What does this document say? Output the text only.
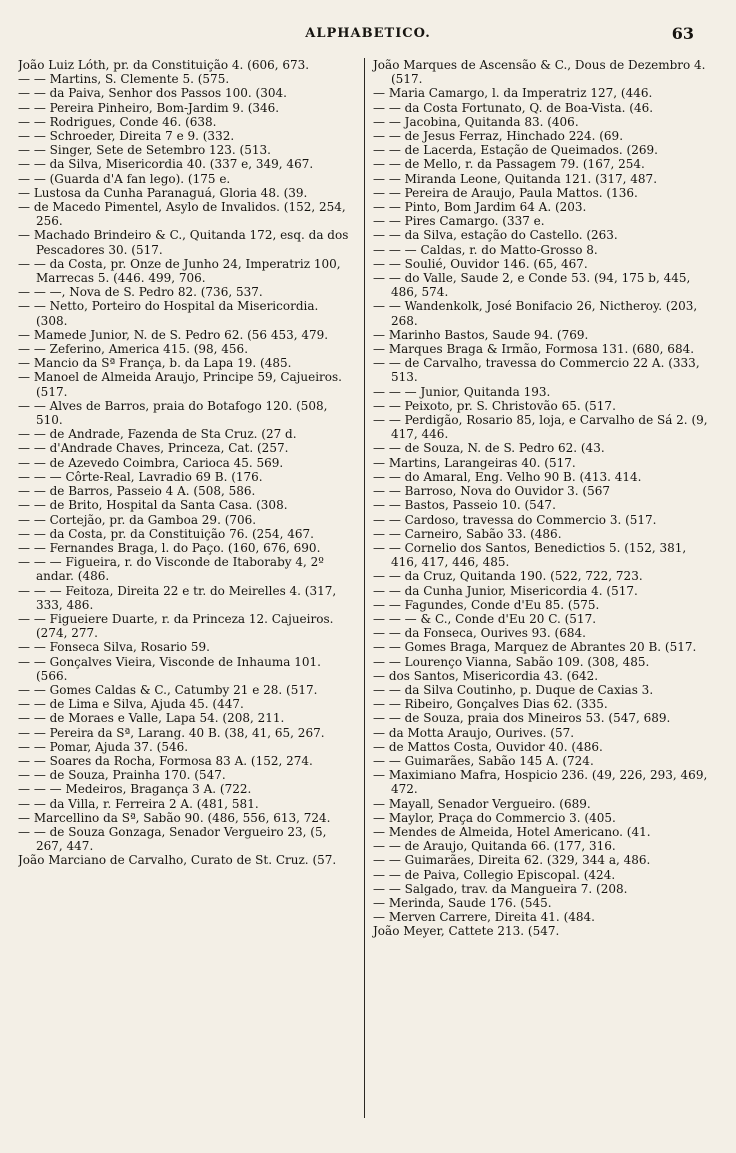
ALPHABETICO.	63

João Luiz Lóth, pr. da Constituição 4. (606, 673.

— — Martins, S. Clemente 5. (575.

— — da Paiva, Senhor dos Passos 100. (304.

— — Pereira Pinheiro, Bom-Jardim 9. (346.

— — Rodrigues, Conde 46. (638.

— — Schroeder, Direita 7 e 9. (332.

— — Singer, Sete de Setembro 123. (513.

— — da Silva, Misericordia 40. (337 e, 349, 467.

— — (Guarda d'A fan lego). (175 e.

— Lustosa da Cunha Paranaguá, Gloria 48. (39.

— de Macedo Pimentel, Asylo de Invalidos. (152, 254, 256.

— Machado Brindeiro & C., Quitanda 172, esq. da dos Pescadores 30. (517.

— — da Costa, pr. Onze de Junho 24, Imperatriz 100, Marrecas 5. (446. 499, 706.

— — —, Nova de S. Pedro 82. (736, 537.

— — Netto, Porteiro do Hospital da Misericordia. (308.

— Mamede Junior, N. de S. Pedro 62. (56 453, 479.

— — Zeferino, America 415. (98, 456.

— Mancio da Sª França, b. da Lapa 19. (485.

— Manoel de Almeida Araujo, Principe 59, Cajueiros. (517.

— — Alves de Barros, praia do Botafogo 120. (508, 510.

— — de Andrade, Fazenda de Sta Cruz. (27 d.

— — d'Andrade Chaves, Princeza, Cat. (257.

— — de Azevedo Coimbra, Carioca 45. 569.

— — — Côrte-Real, Lavradio 69 B. (176.

— — de Barros, Passeio 4 A. (508, 586.

— — de Brito, Hospital da Santa Casa. (308.

— — Cortejão, pr. da Gamboa 29. (706.

— — da Costa, pr. da Constituição 76. (254, 467.

— — Fernandes Braga, l. do Paço. (160, 676, 690.

— — — Figueira, r. do Visconde de Itaboraby 4, 2º andar. (486.

— — — Feitoza, Direita 22 e tr. do Meirelles 4. (317, 333, 486.

— — Figueiere Duarte, r. da Princeza 12. Cajueiros. (274, 277.

— — Fonseca Silva, Rosario 59.

— — Gonçalves Vieira, Visconde de Inhauma 101. (566.

— — Gomes Caldas & C., Catumby 21 e 28. (517.

— — de Lima e Silva, Ajuda 45. (447.

— — de Moraes e Valle, Lapa 54. (208, 211.

— — Pereira da Sª, Larang. 40 B. (38, 41, 65, 267.

— — Pomar, Ajuda 37. (546.

— — Soares da Rocha, Formosa 83 A. (152, 274.

— — de Souza, Prainha 170. (547.

— — — Medeiros, Bragança 3 A. (722.

— — da Villa, r. Ferreira 2 A. (481, 581.

— Marcellino da Sª, Sabão 90. (486, 556, 613, 724.

— — de Souza Gonzaga, Senador Vergueiro 23, (5, 267, 447.

João Marciano de Carvalho, Curato de St. Cruz. (57.

João Marques de Ascensão & C., Dous de Dezembro 4. (517.

— Maria Camargo, l. da Imperatriz 127, (446.

— — da Costa Fortunato, Q. de Boa-Vista. (46.

— — Jacobina, Quitanda 83. (406.

— — de Jesus Ferraz, Hinchado 224. (69.

— — de Lacerda, Estação de Queimados. (269.

— — de Mello, r. da Passagem 79. (167, 254.

— — Miranda Leone, Quitanda 121. (317, 487.

— — Pereira de Araujo, Paula Mattos. (136.

— — Pinto, Bom Jardim 64 A. (203.

— — Pires Camargo. (337 e.

— — da Silva, estação do Castello. (263.

— — — Caldas, r. do Matto-Grosso 8.

— — Soulié, Ouvidor 146. (65, 467.

— — do Valle, Saude 2, e Conde 53. (94, 175 b, 445, 486, 574.

— — Wandenkolk, José Bonifacio 26, Nictheroy. (203, 268.

— Marinho Bastos, Saude 94. (769.

— Marques Braga & Irmão, Formosa 131. (680, 684.

— — de Carvalho, travessa do Commercio 22 A. (333, 513.

— — — Junior, Quitanda 193.

— — Peixoto, pr. S. Christovão 65. (517.

— — Perdigão, Rosario 85, loja, e Carvalho de Sá 2. (9, 417, 446.

— — de Souza, N. de S. Pedro 62. (43.

— Martins, Larangeiras 40. (517.

— — do Amaral, Eng. Velho 90 B. (413. 414.

— — Barroso, Nova do Ouvidor 3. (567

— — Bastos, Passeio 10. (547.

— — Cardoso, travessa do Commercio 3. (517.

— — Carneiro, Sabão 33. (486.

— — Cornelio dos Santos, Benedictios 5. (152, 381, 416, 417, 446, 485.

— — da Cruz, Quitanda 190. (522, 722, 723.

— — da Cunha Junior, Misericordia 4. (517.

— — Fagundes, Conde d'Eu 85. (575.

— — — & C., Conde d'Eu 20 C. (517.

— — da Fonseca, Ourives 93. (684.

— — Gomes Braga, Marquez de Abrantes 20 B. (517.

— — Lourenço Vianna, Sabão 109. (308, 485.

— dos Santos, Misericordia 43. (642.

— — da Silva Coutinho, p. Duque de Caxias 3.

— — Ribeiro, Gonçalves Dias 62. (335.

— — de Souza, praia dos Mineiros 53. (547, 689.

— da Motta Araujo, Ourives. (57.

— de Mattos Costa, Ouvidor 40. (486.

— — Guimarães, Sabão 145 A. (724.

— Maximiano Mafra, Hospicio 236. (49, 226, 293, 469, 472.

— Mayall, Senador Vergueiro. (689.

— Maylor, Praça do Commercio 3. (405.

— Mendes de Almeida, Hotel Americano. (41.

— — de Araujo, Quitanda 66. (177, 316.

— — Guimarães, Direita 62. (329, 344 a, 486.

— — de Paiva, Collegio Episcopal. (424.

— — Salgado, trav. da Mangueira 7. (208.

— Merinda, Saude 176. (545.

— Merven Carrere, Direita 41. (484.

João Meyer, Cattete 213. (547.
